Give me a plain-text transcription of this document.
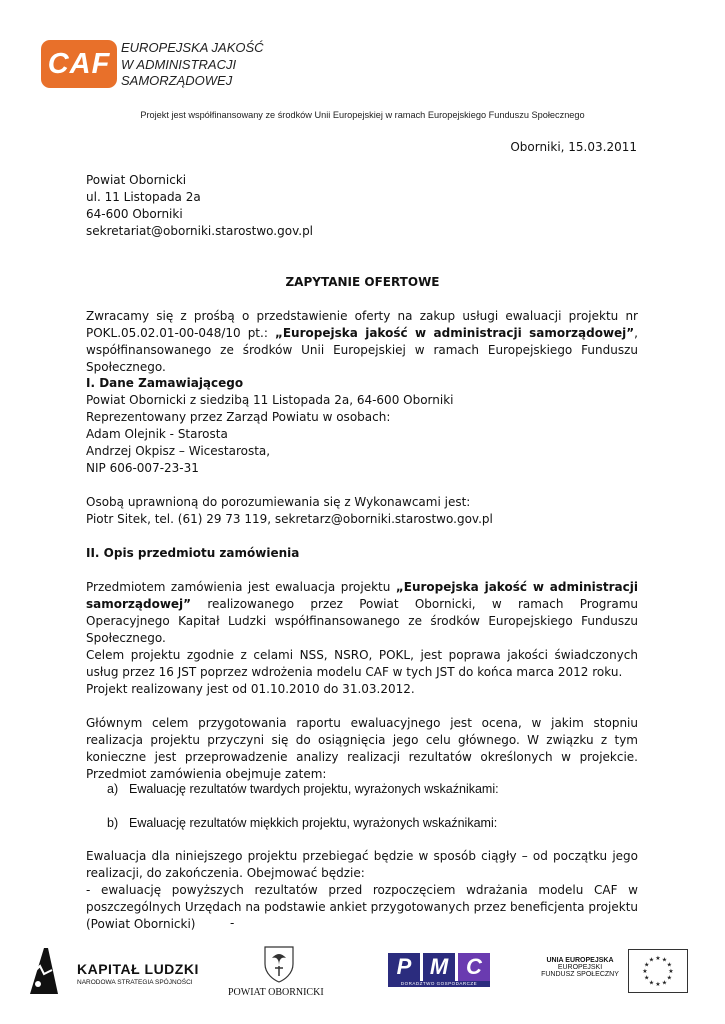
CAF
EUROPEJSKA JAKOŚĆ
W ADMINISTRACJI
SAMORZĄDOWEJ
Projekt jest współfinansowany ze środków Unii Europejskiej w ramach Europejskiego Funduszu Społecznego
Oborniki, 15.03.2011
Powiat Obornicki
ul. 11 Listopada 2a
64-600 Oborniki
sekretariat@oborniki.starostwo.gov.pl
ZAPYTANIE OFERTOWE
Zwracamy się z prośbą o przedstawienie oferty na zakup usługi ewaluacji projektu nr POKL.05.02.01-00-048/10 pt.: „Europejska jakość w administracji samorządowej”, współfinansowanego ze środków Unii Europejskiej w ramach Europejskiego Funduszu Społecznego.
I. Dane Zamawiającego
Powiat Obornicki z siedzibą 11 Listopada 2a, 64-600 Oborniki
Reprezentowany przez Zarząd Powiatu w osobach:
Adam Olejnik - Starosta
Andrzej Okpisz – Wicestarosta,
NIP 606-007-23-31
Osobą uprawnioną do porozumiewania się z Wykonawcami jest:
Piotr Sitek, tel. (61) 29 73 119, sekretarz@oborniki.starostwo.gov.pl
II. Opis przedmiotu zamówienia
Przedmiotem zamówienia jest ewaluacja projektu „Europejska jakość w administracji samorządowej” realizowanego przez Powiat Obornicki, w ramach Programu Operacyjnego Kapitał Ludzki współfinansowanego ze środków Europejskiego Funduszu Społecznego.
Celem projektu zgodnie z celami NSS, NSRO, POKL, jest poprawa jakości świadczonych usług przez 16 JST poprzez wdrożenia modelu CAF w tych JST do końca marca 2012 roku.
Projekt realizowany jest od 01.10.2010 do 31.03.2012.
Głównym celem przygotowania raportu ewaluacyjnego jest ocena, w jakim stopniu realizacja projektu przyczyni się do osiągnięcia jego celu głównego. W związku z tym konieczne jest przeprowadzenie analizy realizacji rezultatów określonych w projekcie. Przedmiot zamówienia obejmuje zatem:
a) Ewaluację rezultatów twardych projektu, wyrażonych wskaźnikami:
b) Ewaluację rezultatów miękkich projektu, wyrażonych wskaźnikami:
Ewaluacja dla niniejszego projektu przebiegać będzie w sposób ciągły – od początku jego realizacji, do zakończenia. Obejmować będzie:
- ewaluację powyższych rezultatów przed rozpoczęciem wdrażania modelu CAF w poszczególnych Urzędach na podstawie ankiet przygotowanych przez beneficjenta projektu (Powiat Obornicki)	-
KAPITAŁ LUDZKI
NARODOWA STRATEGIA SPÓJNOŚCI
POWIAT OBORNICKI
P M C
DORADZTWO GOSPODARCZE
UNIA EUROPEJSKA
EUROPEJSKI
FUNDUSZ SPOŁECZNY
★ ★
★
★
★
★
★
★
★
★
★
★
